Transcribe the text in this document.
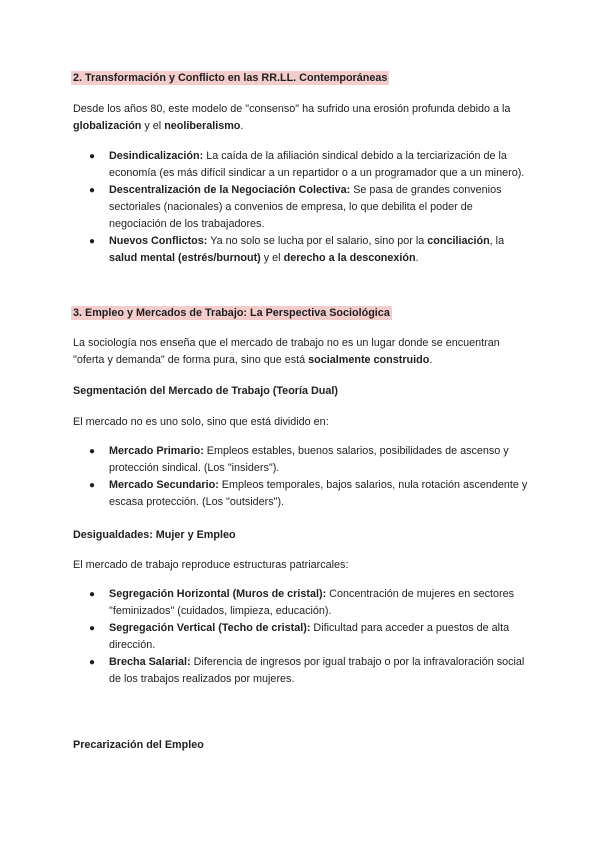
2. Transformación y Conflicto en las RR.LL. Contemporáneas
Desde los años 80, este modelo de "consenso" ha sufrido una erosión profunda debido a la globalización y el neoliberalismo.
● Desindicalización: La caída de la afiliación sindical debido a la terciarización de la economía (es más difícil sindicar a un repartidor o a un programador que a un minero).
● Descentralización de la Negociación Colectiva: Se pasa de grandes convenios sectoriales (nacionales) a convenios de empresa, lo que debilita el poder de negociación de los trabajadores.
● Nuevos Conflictos: Ya no solo se lucha por el salario, sino por la conciliación, la salud mental (estrés/burnout) y el derecho a la desconexión.
3. Empleo y Mercados de Trabajo: La Perspectiva Sociológica
La sociología nos enseña que el mercado de trabajo no es un lugar donde se encuentran "oferta y demanda" de forma pura, sino que está socialmente construido.
Segmentación del Mercado de Trabajo (Teoría Dual)
El mercado no es uno solo, sino que está dividido en:
● Mercado Primario: Empleos estables, buenos salarios, posibilidades de ascenso y protección sindical. (Los "insiders").
● Mercado Secundario: Empleos temporales, bajos salarios, nula rotación ascendente y escasa protección. (Los "outsiders").
Desigualdades: Mujer y Empleo
El mercado de trabajo reproduce estructuras patriarcales:
● Segregación Horizontal (Muros de cristal): Concentración de mujeres en sectores "feminizados" (cuidados, limpieza, educación).
● Segregación Vertical (Techo de cristal): Dificultad para acceder a puestos de alta dirección.
● Brecha Salarial: Diferencia de ingresos por igual trabajo o por la infravaloración social de los trabajos realizados por mujeres.
Precarización del Empleo
